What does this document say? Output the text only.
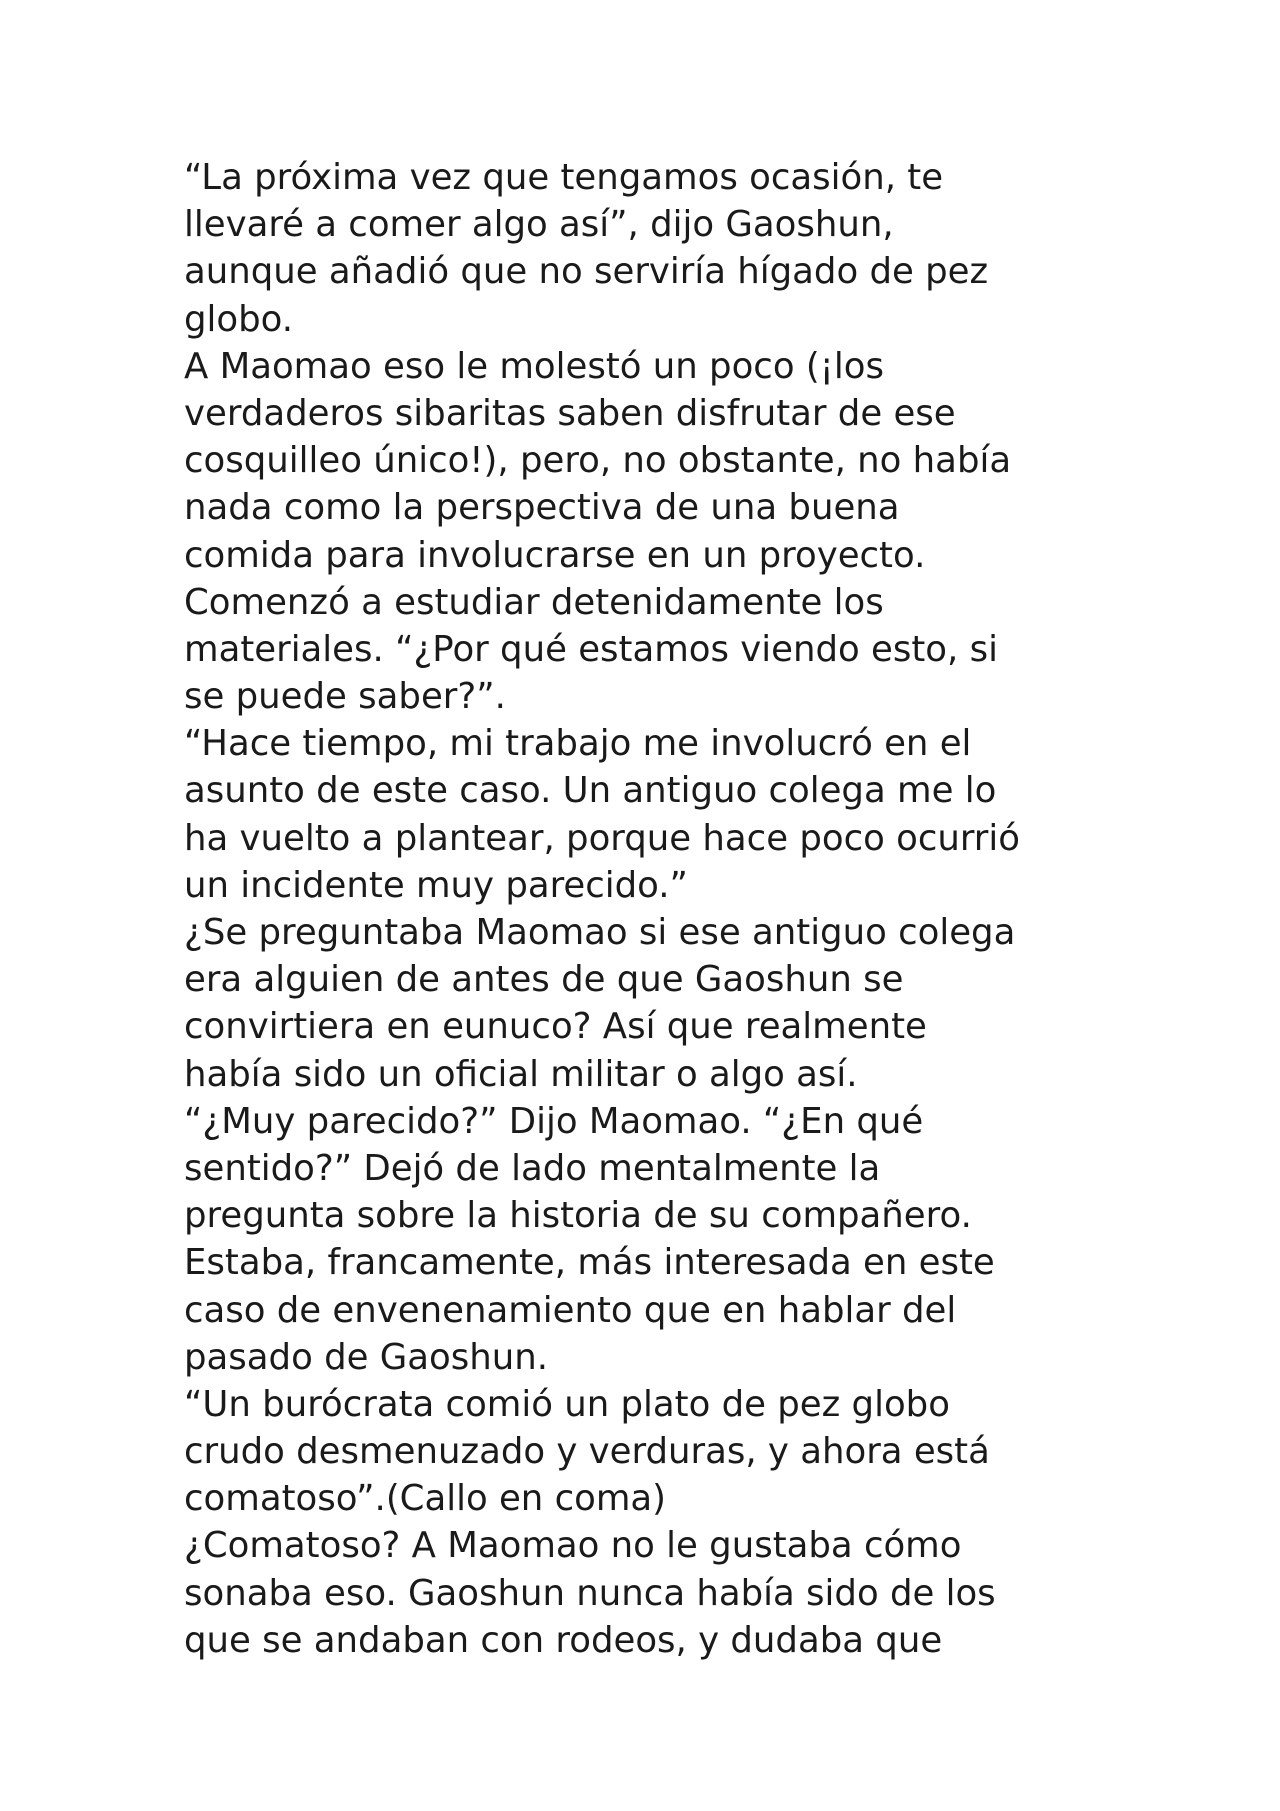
“La próxima vez que tengamos ocasión, te
llevaré a comer algo así”, dijo Gaoshun,
aunque añadió que no serviría hígado de pez
globo.
A Maomao eso le molestó un poco (¡los
verdaderos sibaritas saben disfrutar de ese
cosquilleo único!), pero, no obstante, no había
nada como la perspectiva de una buena
comida para involucrarse en un proyecto.
Comenzó a estudiar detenidamente los
materiales. “¿Por qué estamos viendo esto, si
se puede saber?”.
“Hace tiempo, mi trabajo me involucró en el
asunto de este caso. Un antiguo colega me lo
ha vuelto a plantear, porque hace poco ocurrió
un incidente muy parecido.”
¿Se preguntaba Maomao si ese antiguo colega
era alguien de antes de que Gaoshun se
convirtiera en eunuco? Así que realmente
había sido un oficial militar o algo así.
“¿Muy parecido?” Dijo Maomao. “¿En qué
sentido?” Dejó de lado mentalmente la
pregunta sobre la historia de su compañero.
Estaba, francamente, más interesada en este
caso de envenenamiento que en hablar del
pasado de Gaoshun.
“Un burócrata comió un plato de pez globo
crudo desmenuzado y verduras, y ahora está
comatoso”.(Callo en coma)
¿Comatoso? A Maomao no le gustaba cómo
sonaba eso. Gaoshun nunca había sido de los
que se andaban con rodeos, y dudaba que
